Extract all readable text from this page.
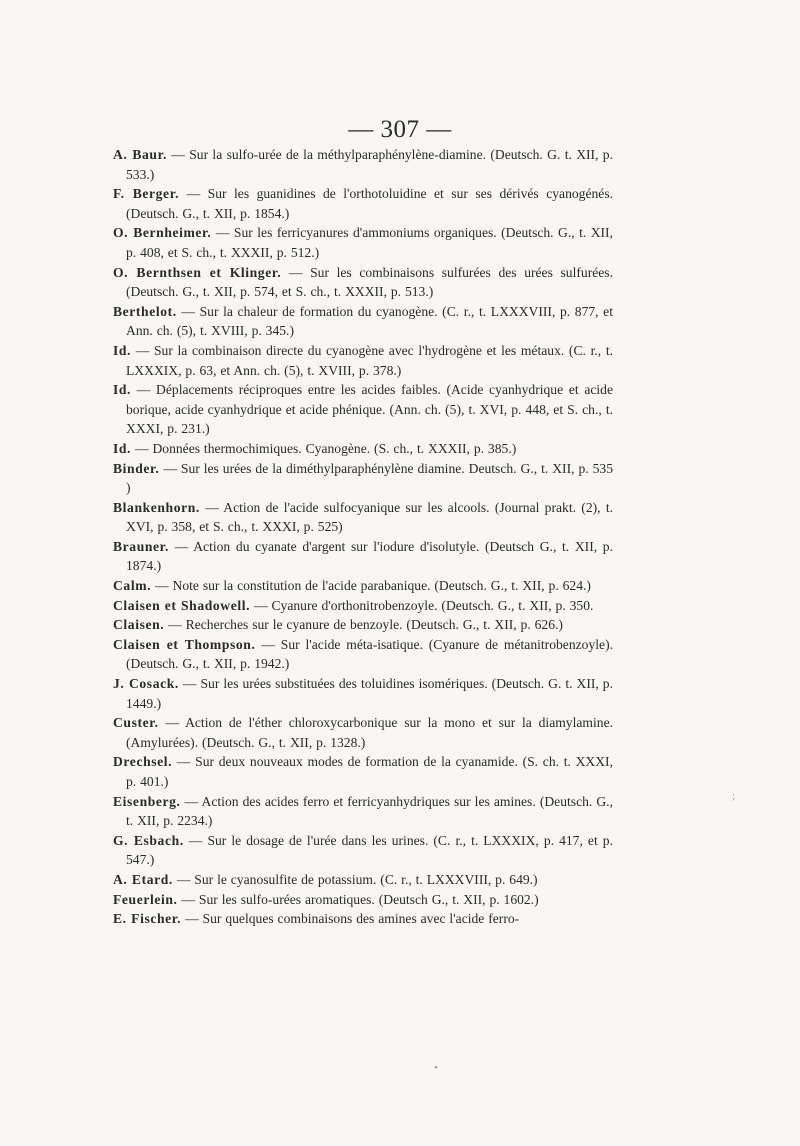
— 307 —
A. Baur. — Sur la sulfo-urée de la méthylparaphénylène-diamine. (Deutsch. G. t. XII, p. 533.)
F. Berger. — Sur les guanidines de l'orthotoluidine et sur ses dérivés cyanogénés. (Deutsch. G., t. XII, p. 1854.)
O. Bernheimer. — Sur les ferricyanures d'ammoniums organiques. (Deutsch. G., t. XII, p. 408, et S. ch., t. XXXII, p. 512.)
O. Bernthsen et Klinger. — Sur les combinaisons sulfurées des urées sulfurées. (Deutsch. G., t. XII, p. 574, et S. ch., t. XXXII, p. 513.)
Berthelot. — Sur la chaleur de formation du cyanogène. (C. r., t. LXXXVIII, p. 877, et Ann. ch. (5), t. XVIII, p. 345.)
Id. — Sur la combinaison directe du cyanogène avec l'hydrogène et les métaux. (C. r., t. LXXXIX, p. 63, et Ann. ch. (5), t. XVIII, p. 378.)
Id. — Déplacements réciproques entre les acides faibles. (Acide cyanhydrique et acide borique, acide cyanhydrique et acide phénique. (Ann. ch. (5), t. XVI, p. 448, et S. ch., t. XXXI, p. 231.)
Id. — Données thermochimiques. Cyanogène. (S. ch., t. XXXII, p. 385.)
Binder. — Sur les urées de la diméthylparaphénylène diamine. Deutsch. G., t. XII, p. 535 )
Blankenhorn. — Action de l'acide sulfocyanique sur les alcools. (Journal prakt. (2), t. XVI, p. 358, et S. ch., t. XXXI, p. 525)
Brauner. — Action du cyanate d'argent sur l'iodure d'isolutyle. (Deutsch G., t. XII, p. 1874.)
Calm. — Note sur la constitution de l'acide parabanique. (Deutsch. G., t. XII, p. 624.)
Claisen et Shadowell. — Cyanure d'orthonitrobenzoyle. (Deutsch. G., t. XII, p. 350.
Claisen. — Recherches sur le cyanure de benzoyle. (Deutsch. G., t. XII, p. 626.)
Claisen et Thompson. — Sur l'acide méta-isatique. (Cyanure de métanitrobenzoyle). (Deutsch. G., t. XII, p. 1942.)
J. Cosack. — Sur les urées substituées des toluidines isomériques. (Deutsch. G. t. XII, p. 1449.)
Custer. — Action de l'éther chloroxycarbonique sur la mono et sur la diamylamine. (Amylurées). (Deutsch. G., t. XII, p. 1328.)
Drechsel. — Sur deux nouveaux modes de formation de la cyanamide. (S. ch. t. XXXI, p. 401.)
Eisenberg. — Action des acides ferro et ferricyanhydriques sur les amines. (Deutsch. G., t. XII, p. 2234.)
G. Esbach. — Sur le dosage de l'urée dans les urines. (C. r., t. LXXXIX, p. 417, et p. 547.)
A. Etard. — Sur le cyanosulfite de potassium. (C. r., t. LXXXVIII, p. 649.)
Feuerlein. — Sur les sulfo-urées aromatiques. (Deutsch G., t. XII, p. 1602.)
E. Fischer. — Sur quelques combinaisons des amines avec l'acide ferro-
;
•
